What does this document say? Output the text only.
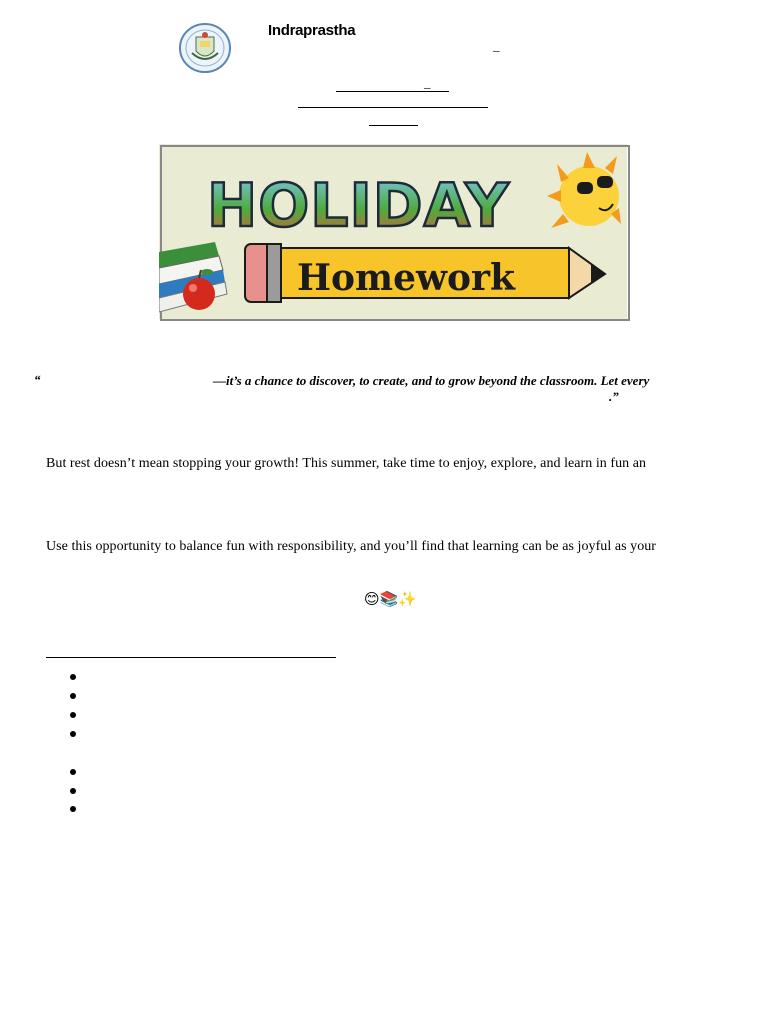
Indraprastha
_
_
HOLIDAY
Homework
“	—it’s a chance to discover, to create, and to grow beyond the classroom. Let every
.”
But rest doesn’t mean stopping your growth! This summer, take time to enjoy, explore, and learn in fun an
Use this opportunity to balance fun with responsibility, and you’ll find that learning can be as joyful as your
😊📚✨
